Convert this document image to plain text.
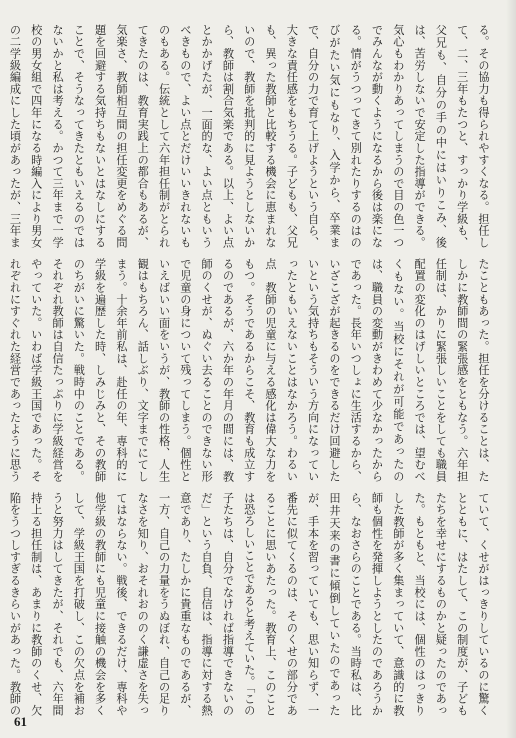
る。その協力も得られやすくなる。担任して、二、三年もたつと、すっかり学級も、父兄も、自分の手の中にはいりこみ、後は、苦労しないで安定した指導ができる。気心もわかりあってしまうので目の色一つでみんなが動くようになるから後は楽になる。情がうつってきて別れたりするのはのびがたい気にもなり、入学から、卒業まで、自分の力で育て上げようという自ら、大きな責任感をもちうる。子どもも、父兄も、異った教師と比較する機会に恵まれないので、教師を批判的に見ようとしないから、教師は割合気楽である。以上、よい点とかかげたが、一面的な、よい点ともいうべきもので、よい点とだけいいきれないものもある。伝統として六年担任制がとられてきたのは、教育実践上の都合もあるが、気楽さ、教師相互間の担任変更をめぐる問題を回避する気持ちもないとはなしにすることで、そうなってきたともいえるのではないかと私は考える。かつて三年まで一学校の男女組で四年になる時編入により男女の二学級編成にした頃があったが、三年ま

たこともあった。担任を分けることは、たしかに教師間の緊張感をともなう。六年担任制は、かりに緊張しいことをしても職員配置の変化のはげしいところでは、望むべくもない。当校にそれが可能であったのは、職員の変動がきわめて少なかったからであった。長年いつしょに生活するから、いざこざが起きるのをできるだけ回避したいという気持ちもそういう方向になっていったともいえないことはなかろう。わるい点　教師の児童に与える感化は偉大な力をもつ。そうであるからこそ、教育も成立するのであるが、六か年の年月の間には、教師のくせが、ぬぐい去ることのできない形で児童の身について残ってしまう。個性といえばいい面をいうが、教師の性格、人生観はもちろん、話しぶり、文字までにてしまう。十余年前私は、赴任の年、専科的に学級を遍歴した時、しみじみと、その教師のちがいに驚いた。戦時中のことである。それぞれ教師は自信たっぷりに学級経営をやっていた。いわば学級王国であった。それぞれにすぐれた経営であったように思う

ていて、くせがはっきりしているのに驚くとともに、はたして、この制度が、子どもたちを幸せにするものかと疑ったのであった。もともと、当校には、個性のはっきりした教師が多く集まっていて、意識的に教師も個性を発揮しようとしたのであろうから、なおさらのことである。当時私は、比田井天来の書に傾倒していたのであったが、手本を習っていても、思い知らず、一番先に似てくるのは、そのくせの部分であることに思いあたった。教育上、このことは恐ろしいことであると考えていた。「この子たちは、自分でなければ指導できないのだ」という自負、自信は、指導に対する熱意であり、たしかに貴重なものであるが、一方、自己の力量をうぬぼれ、自己の足りなさを知り、おそれおののく謙虚さを失ってはならない。戦後、できるだけ、専科や他学級の教師にも児童に接触の機会を多くして、学級王国を打破し、この欠点を補おうと努力はしてきたが、それでも、六年間持上る担任制は、あまりに教師のくせ、欠陥をうつしすぎるきらいがあった。教師の

61
